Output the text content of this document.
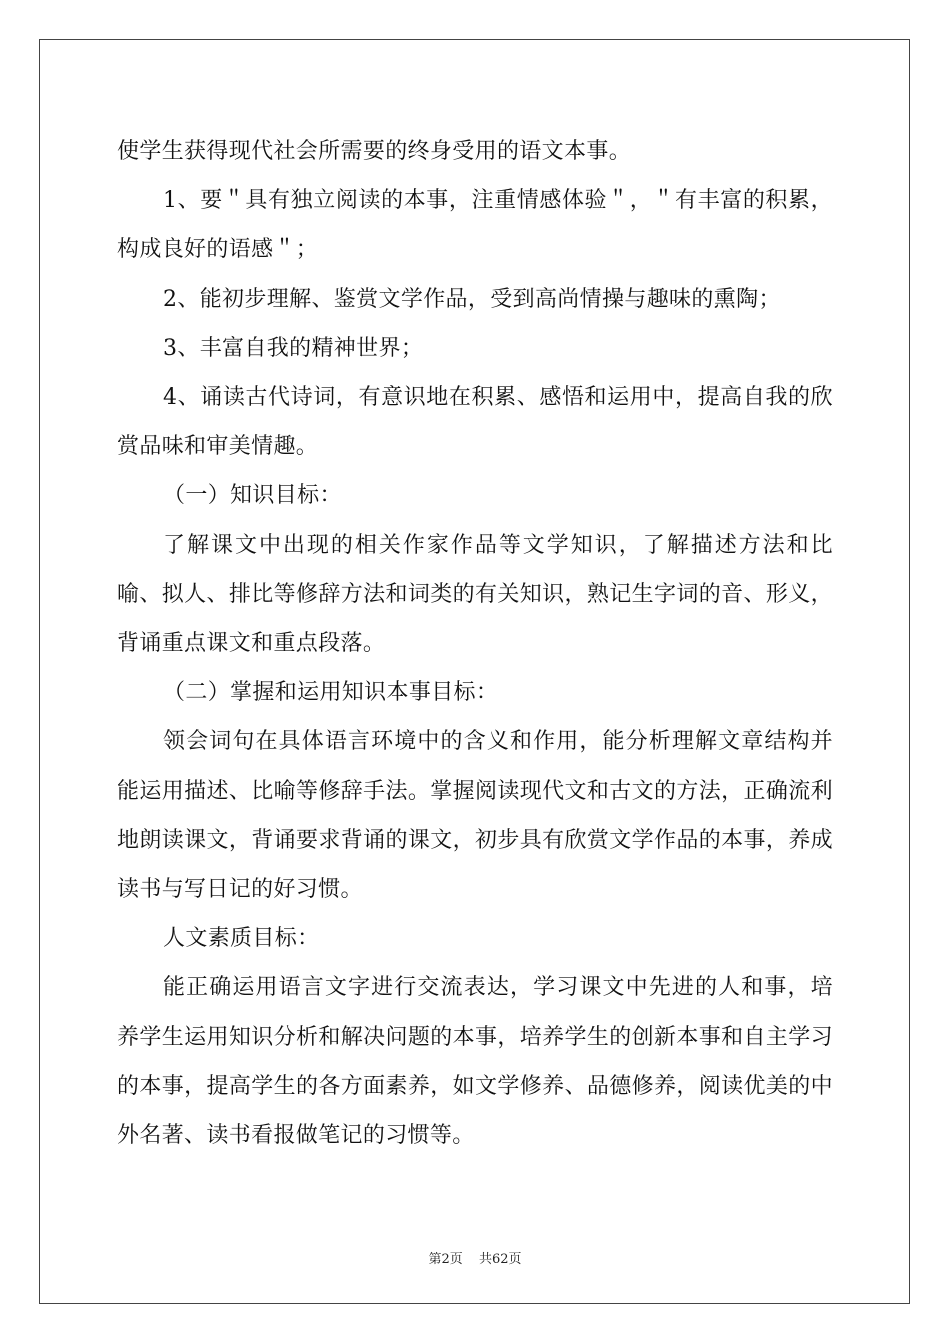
使学生获得现代社会所需要的终身受用的语文本事。

1、要＂具有独立阅读的本事，注重情感体验＂，＂有丰富的积累，构成良好的语感＂；

2、能初步理解、鉴赏文学作品，受到高尚情操与趣味的熏陶；

3、丰富自我的精神世界；

4、诵读古代诗词，有意识地在积累、感悟和运用中，提高自我的欣赏品味和审美情趣。

（一）知识目标：

了解课文中出现的相关作家作品等文学知识，了解描述方法和比喻、拟人、排比等修辞方法和词类的有关知识，熟记生字词的音、形义，背诵重点课文和重点段落。

（二）掌握和运用知识本事目标：

领会词句在具体语言环境中的含义和作用，能分析理解文章结构并能运用描述、比喻等修辞手法。掌握阅读现代文和古文的方法，正确流利地朗读课文，背诵要求背诵的课文，初步具有欣赏文学作品的本事，养成读书与写日记的好习惯。

人文素质目标：

能正确运用语言文字进行交流表达，学习课文中先进的人和事，培养学生运用知识分析和解决问题的本事，培养学生的创新本事和自主学习的本事，提高学生的各方面素养，如文学修养、品德修养，阅读优美的中外名著、读书看报做笔记的习惯等。

第2页 共62页
